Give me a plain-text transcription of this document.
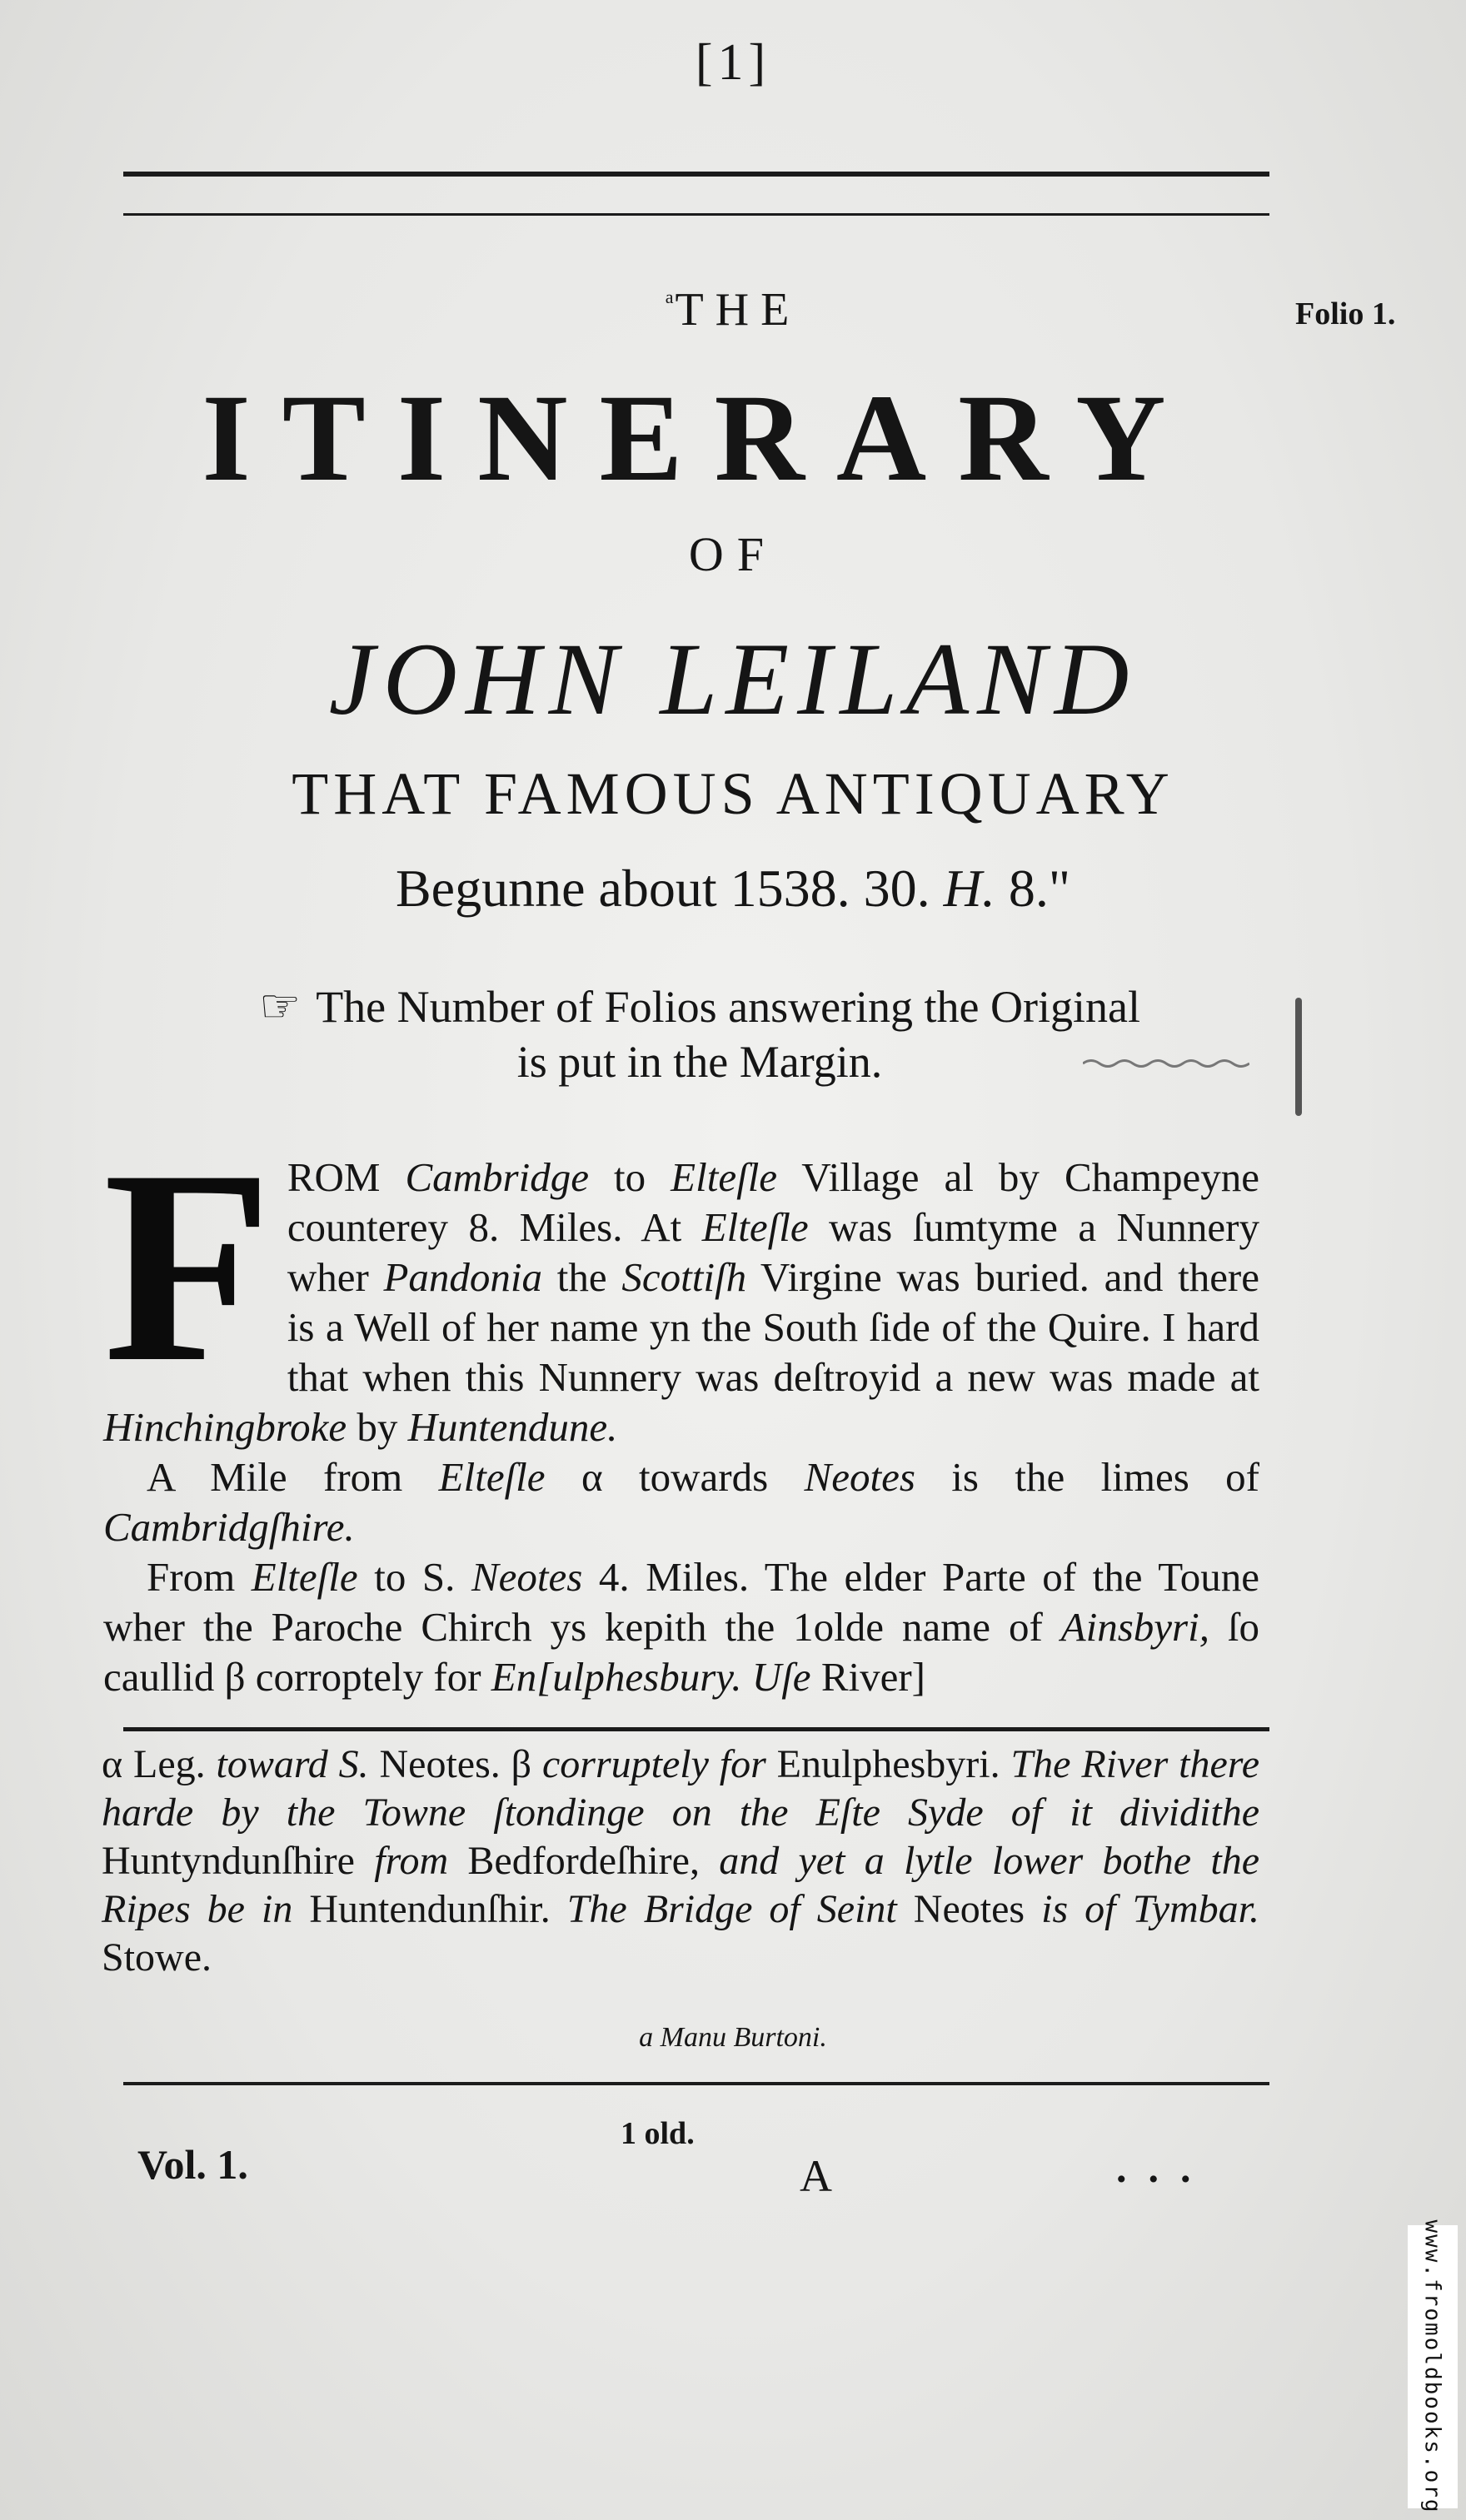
[1]
Folio 1.
$^a$THE
ITINERARY
OF
JOHN LEILAND
THAT FAMOUS ANTIQUARY
Begunne about 1538. 30. H. 8."
☞ The Number of Folios answering the Original
is put in the Margin.

FROM Cambridge to Elteſle Village al by Champeyne counterey 8. Miles. At Elteſle was ſumtyme a Nunnery wher Pandonia the Scottiſh Virgine was buried. and there is a Well of her name yn the South ſide of the Quire. I hard that when this Nunnery was deſtroyid a new was made at Hinchingbroke by Huntendune.

A Mile from Elteſle α towards Neotes is the limes of Cambridgſhire.

From Elteſle to S. Neotes 4. Miles. The elder Parte of the Toune wher the Paroche Chirch ys kepith the 1olde name of Ainsbyri, ſo caullid β corroptely for En[ulphesbury. Uſe River]

α Leg. toward S. Neotes. β corruptely for Enulphesbyri. The River there harde by the Towne ſtondinge on the Eſte Syde of it dividithe Huntyndunſhire from Bedfordeſhire, and yet a lytle lower bothe the Ripes be in Huntendunſhir. The Bridge of Seint Neotes is of Tymbar. Stowe.
a Manu Burtoni.
Vol. 1.
1 old.
A	...
www.fromoldbooks.org
